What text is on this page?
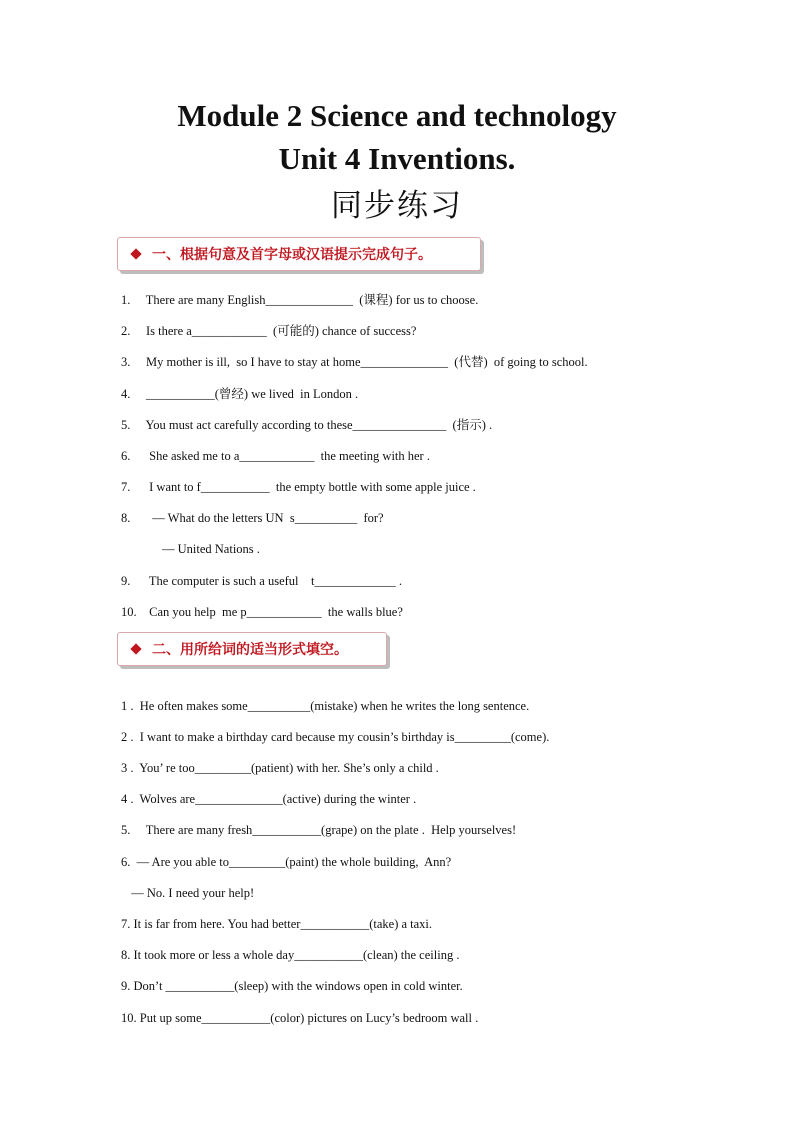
Module 2 Science and technology
Unit 4 Inventions.
同步练习
一、根据句意及首字母或汉语提示完成句子。
1.     There are many English______________  (课程) for us to choose.
2.     Is there a____________  (可能的) chance of success?
3.     My mother is ill,  so I have to stay at home______________  (代替)  of going to school.
4.     ___________(曾经) we lived  in London .
5.     You must act carefully according to these_______________  (指示) .
6.      She asked me to a____________  the meeting with her .
7.      I want to f___________  the empty bottle with some apple juice .
8.       — What do the letters UN  s__________  for?
— United Nations .
9.      The computer is such a useful    t_____________ .
10.    Can you help  me p____________  the walls blue?
二、用所给词的适当形式填空。
1 .  He often makes some__________(mistake) when he writes the long sentence.
2 .  I want to make a birthday card because my cousin’s birthday is_________(come).
3 .  You’ re too_________(patient) with her. She’s only a child .
4 .  Wolves are______________(active) during the winter .
5.     There are many fresh___________(grape) on the plate .  Help yourselves!
6.  — Are you able to_________(paint) the whole building,  Ann?
— No. I need your help!
7. It is far from here. You had better___________(take) a taxi.
8. It took more or less a whole day___________(clean) the ceiling .
9. Don’t ___________(sleep) with the windows open in cold winter.
10. Put up some___________(color) pictures on Lucy’s bedroom wall .
